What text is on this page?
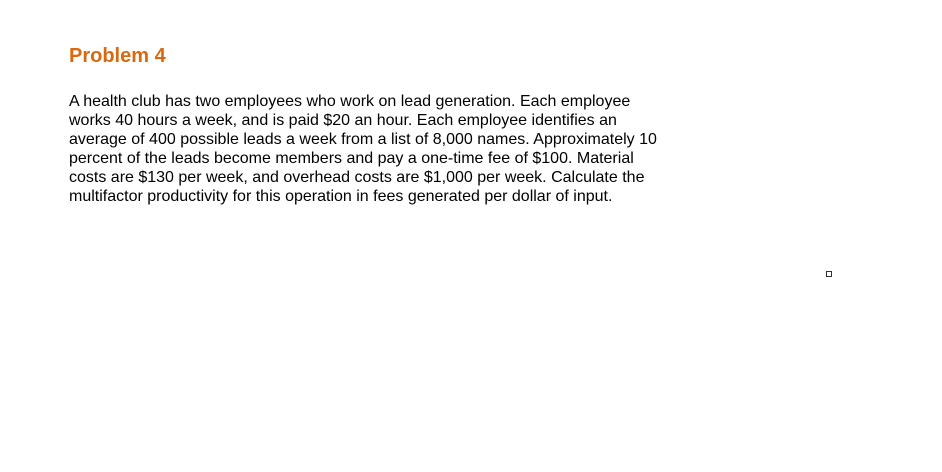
Problem 4

A health club has two employees who work on lead generation. Each employee
works 40 hours a week, and is paid $20 an hour. Each employee identifies an
average of 400 possible leads a week from a list of 8,000 names. Approximately 10
percent of the leads become members and pay a one-time fee of $100. Material
costs are $130 per week, and overhead costs are $1,000 per week. Calculate the
multifactor productivity for this operation in fees generated per dollar of input.
